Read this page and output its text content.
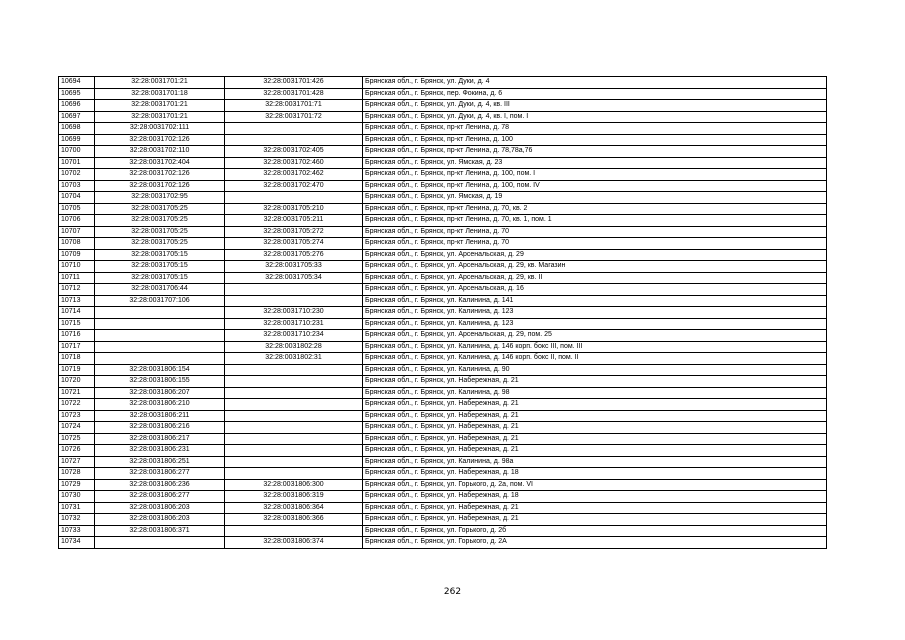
10694	32:28:0031701:21	32:28:0031701:426	Брянская обл., г. Брянск, ул. Дуки, д. 4
10695	32:28:0031701:18	32:28:0031701:428	Брянская обл., г. Брянск, пер. Фокина, д. 6
10696	32:28:0031701:21	32:28:0031701:71	Брянская обл., г. Брянск, ул. Дуки, д. 4, кв. III
10697	32:28:0031701:21	32:28:0031701:72	Брянская обл., г. Брянск, ул. Дуки, д. 4, кв. I, пом. I
10698	32:28:0031702:111		Брянская обл., г. Брянск, пр-кт Ленина, д. 78
10699	32:28:0031702:126		Брянская обл., г. Брянск, пр-кт Ленина, д. 100
10700	32:28:0031702:110	32:28:0031702:405	Брянская обл., г. Брянск, пр-кт Ленина, д. 78,78а,76
10701	32:28:0031702:404	32:28:0031702:460	Брянская обл., г. Брянск, ул. Ямская, д. 23
10702	32:28:0031702:126	32:28:0031702:462	Брянская обл., г. Брянск, пр-кт Ленина, д. 100, пом. I
10703	32:28:0031702:126	32:28:0031702:470	Брянская обл., г. Брянск, пр-кт Ленина, д. 100, пом. IV
10704	32:28:0031702:95		Брянская обл., г. Брянск, ул. Ямская, д. 19
10705	32:28:0031705:25	32:28:0031705:210	Брянская обл., г. Брянск, пр-кт Ленина, д. 70, кв. 2
10706	32:28:0031705:25	32:28:0031705:211	Брянская обл., г. Брянск, пр-кт Ленина, д. 70, кв. 1, пом. 1
10707	32:28:0031705:25	32:28:0031705:272	Брянская обл., г. Брянск, пр-кт Ленина, д. 70
10708	32:28:0031705:25	32:28:0031705:274	Брянская обл., г. Брянск, пр-кт Ленина, д. 70
10709	32:28:0031705:15	32:28:0031705:276	Брянская обл., г. Брянск, ул. Арсенальская, д. 29
10710	32:28:0031705:15	32:28:0031705:33	Брянская обл., г. Брянск, ул. Арсенальская, д. 29, кв. Магазин
10711	32:28:0031705:15	32:28:0031705:34	Брянская обл., г. Брянск, ул. Арсенальская, д. 29, кв. II
10712	32:28:0031706:44		Брянская обл., г. Брянск, ул. Арсенальская, д. 16
10713	32:28:0031707:106		Брянская обл., г. Брянск, ул. Калинина, д. 141
10714		32:28:0031710:230	Брянская обл., г. Брянск, ул. Калинина, д. 123
10715		32:28:0031710:231	Брянская обл., г. Брянск, ул. Калинина, д. 123
10716		32:28:0031710:234	Брянская обл., г. Брянск, ул. Арсенальская, д. 29, пом. 25
10717		32:28:0031802:28	Брянская обл., г. Брянск, ул. Калинина, д. 146 корп. бокс III, пом. III
10718		32:28:0031802:31	Брянская обл., г. Брянск, ул. Калинина, д. 146 корп. бокс II, пом. II
10719	32:28:0031806:154		Брянская обл., г. Брянск, ул. Калинина, д. 90
10720	32:28:0031806:155		Брянская обл., г. Брянск, ул. Набережная, д. 21
10721	32:28:0031806:207		Брянская обл., г. Брянск, ул. Калинина, д. 98
10722	32:28:0031806:210		Брянская обл., г. Брянск, ул. Набережная, д. 21
10723	32:28:0031806:211		Брянская обл., г. Брянск, ул. Набережная, д. 21
10724	32:28:0031806:216		Брянская обл., г. Брянск, ул. Набережная, д. 21
10725	32:28:0031806:217		Брянская обл., г. Брянск, ул. Набережная, д. 21
10726	32:28:0031806:231		Брянская обл., г. Брянск, ул. Набережная, д. 21
10727	32:28:0031806:251		Брянская обл., г. Брянск, ул. Калинина, д. 98а
10728	32:28:0031806:277		Брянская обл., г. Брянск, ул. Набережная, д. 18
10729	32:28:0031806:236	32:28:0031806:300	Брянская обл., г. Брянск, ул. Горького, д. 2а, пом. VI
10730	32:28:0031806:277	32:28:0031806:319	Брянская обл., г. Брянск, ул. Набережная, д. 18
10731	32:28:0031806:203	32:28:0031806:364	Брянская обл., г. Брянск, ул. Набережная, д. 21
10732	32:28:0031806:203	32:28:0031806:366	Брянская обл., г. Брянск, ул. Набережная, д. 21
10733	32:28:0031806:371		Брянская обл., г. Брянск, ул. Горького, д. 2б
10734		32:28:0031806:374	Брянская обл., г. Брянск, ул. Горького, д. 2А
262
